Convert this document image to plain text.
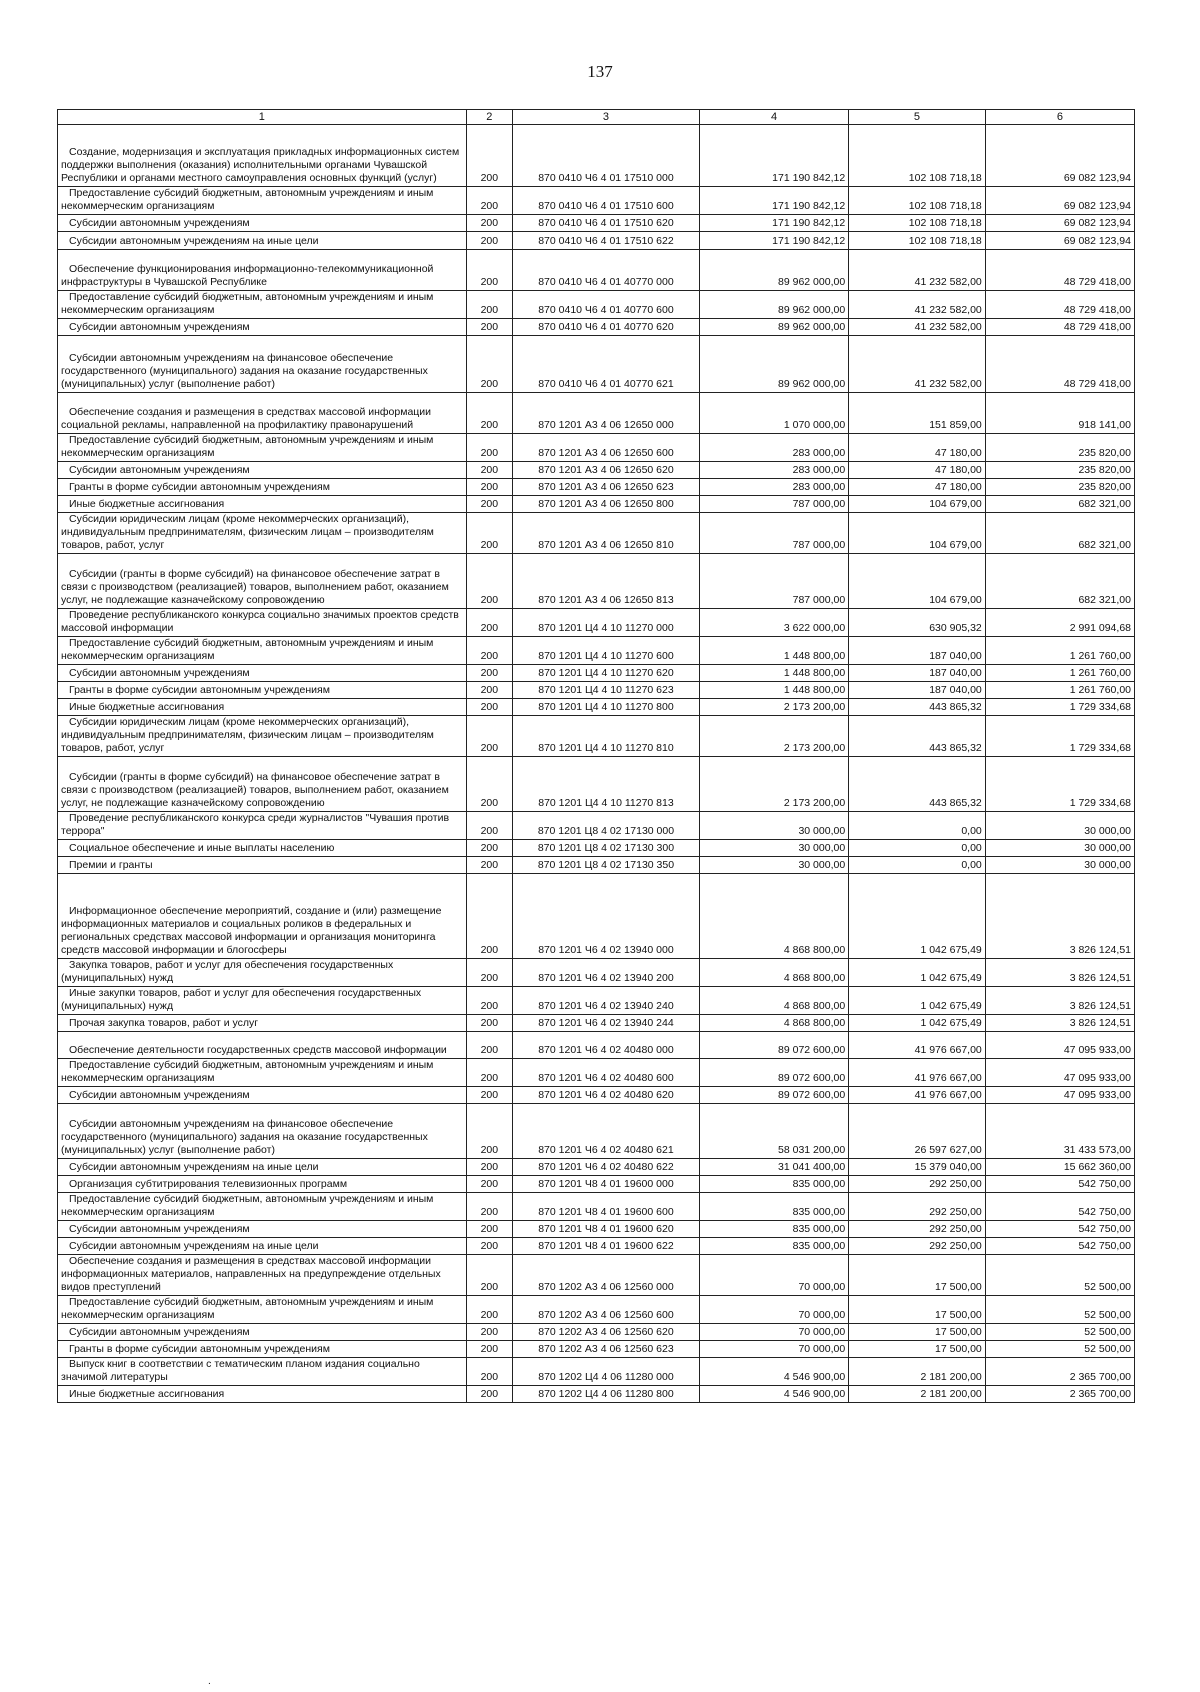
137
1	2	3	4	5	6
Создание, модернизация и эксплуатация прикладных информационных систем поддержки выполнения (оказания) исполнительными органами Чувашской Республики и органами местного самоуправления основных функций (услуг)	200	870 0410 Ч6 4 01 17510 000	171 190 842,12	102 108 718,18	69 082 123,94
Предоставление субсидий бюджетным, автономным учреждениям и иным некоммерческим организациям	200	870 0410 Ч6 4 01 17510 600	171 190 842,12	102 108 718,18	69 082 123,94
Субсидии автономным учреждениям	200	870 0410 Ч6 4 01 17510 620	171 190 842,12	102 108 718,18	69 082 123,94
Субсидии автономным учреждениям на иные цели	200	870 0410 Ч6 4 01 17510 622	171 190 842,12	102 108 718,18	69 082 123,94
Обеспечение функционирования информационно-телекоммуникационной инфраструктуры в Чувашской Республике	200	870 0410 Ч6 4 01 40770 000	89 962 000,00	41 232 582,00	48 729 418,00
Предоставление субсидий бюджетным, автономным учреждениям и иным некоммерческим организациям	200	870 0410 Ч6 4 01 40770 600	89 962 000,00	41 232 582,00	48 729 418,00
Субсидии автономным учреждениям	200	870 0410 Ч6 4 01 40770 620	89 962 000,00	41 232 582,00	48 729 418,00
Субсидии автономным учреждениям на финансовое обеспечение государственного (муниципального) задания на оказание государственных (муниципальных) услуг (выполнение работ)	200	870 0410 Ч6 4 01 40770 621	89 962 000,00	41 232 582,00	48 729 418,00
Обеспечение создания и размещения в средствах массовой информации социальной рекламы, направленной на профилактику правонарушений	200	870 1201 А3 4 06 12650 000	1 070 000,00	151 859,00	918 141,00
Предоставление субсидий бюджетным, автономным учреждениям и иным некоммерческим организациям	200	870 1201 А3 4 06 12650 600	283 000,00	47 180,00	235 820,00
Субсидии автономным учреждениям	200	870 1201 А3 4 06 12650 620	283 000,00	47 180,00	235 820,00
Гранты в форме субсидии автономным учреждениям	200	870 1201 А3 4 06 12650 623	283 000,00	47 180,00	235 820,00
Иные бюджетные ассигнования	200	870 1201 А3 4 06 12650 800	787 000,00	104 679,00	682 321,00
Субсидии юридическим лицам (кроме некоммерческих организаций), индивидуальным предпринимателям, физическим лицам – производителям товаров, работ, услуг	200	870 1201 А3 4 06 12650 810	787 000,00	104 679,00	682 321,00
Субсидии (гранты в форме субсидий) на финансовое обеспечение затрат в связи с производством (реализацией) товаров, выполнением работ, оказанием услуг, не подлежащие казначейскому сопровождению	200	870 1201 А3 4 06 12650 813	787 000,00	104 679,00	682 321,00
Проведение республиканского конкурса социально значимых проектов средств массовой информации	200	870 1201 Ц4 4 10 11270 000	3 622 000,00	630 905,32	2 991 094,68
Предоставление субсидий бюджетным, автономным учреждениям и иным некоммерческим организациям	200	870 1201 Ц4 4 10 11270 600	1 448 800,00	187 040,00	1 261 760,00
Субсидии автономным учреждениям	200	870 1201 Ц4 4 10 11270 620	1 448 800,00	187 040,00	1 261 760,00
Гранты в форме субсидии автономным учреждениям	200	870 1201 Ц4 4 10 11270 623	1 448 800,00	187 040,00	1 261 760,00
Иные бюджетные ассигнования	200	870 1201 Ц4 4 10 11270 800	2 173 200,00	443 865,32	1 729 334,68
Субсидии юридическим лицам (кроме некоммерческих организаций), индивидуальным предпринимателям, физическим лицам – производителям товаров, работ, услуг	200	870 1201 Ц4 4 10 11270 810	2 173 200,00	443 865,32	1 729 334,68
Субсидии (гранты в форме субсидий) на финансовое обеспечение затрат в связи с производством (реализацией) товаров, выполнением работ, оказанием услуг, не подлежащие казначейскому сопровождению	200	870 1201 Ц4 4 10 11270 813	2 173 200,00	443 865,32	1 729 334,68
Проведение республиканского конкурса среди журналистов "Чувашия против террора"	200	870 1201 Ц8 4 02 17130 000	30 000,00	0,00	30 000,00
Социальное обеспечение и иные выплаты населению	200	870 1201 Ц8 4 02 17130 300	30 000,00	0,00	30 000,00
Премии и гранты	200	870 1201 Ц8 4 02 17130 350	30 000,00	0,00	30 000,00
Информационное обеспечение мероприятий, создание и (или) размещение информационных материалов и социальных роликов в федеральных и региональных средствах массовой информации и организация мониторинга средств массовой информации и блогосферы	200	870 1201 Ч6 4 02 13940 000	4 868 800,00	1 042 675,49	3 826 124,51
Закупка товаров, работ и услуг для обеспечения государственных (муниципальных) нужд	200	870 1201 Ч6 4 02 13940 200	4 868 800,00	1 042 675,49	3 826 124,51
Иные закупки товаров, работ и услуг для обеспечения государственных (муниципальных) нужд	200	870 1201 Ч6 4 02 13940 240	4 868 800,00	1 042 675,49	3 826 124,51
Прочая закупка товаров, работ и услуг	200	870 1201 Ч6 4 02 13940 244	4 868 800,00	1 042 675,49	3 826 124,51
Обеспечение деятельности государственных средств массовой информации	200	870 1201 Ч6 4 02 40480 000	89 072 600,00	41 976 667,00	47 095 933,00
Предоставление субсидий бюджетным, автономным учреждениям и иным некоммерческим организациям	200	870 1201 Ч6 4 02 40480 600	89 072 600,00	41 976 667,00	47 095 933,00
Субсидии автономным учреждениям	200	870 1201 Ч6 4 02 40480 620	89 072 600,00	41 976 667,00	47 095 933,00
Субсидии автономным учреждениям на финансовое обеспечение государственного (муниципального) задания на оказание государственных (муниципальных) услуг (выполнение работ)	200	870 1201 Ч6 4 02 40480 621	58 031 200,00	26 597 627,00	31 433 573,00
Субсидии автономным учреждениям на иные цели	200	870 1201 Ч6 4 02 40480 622	31 041 400,00	15 379 040,00	15 662 360,00
Организация субтитрирования телевизионных программ	200	870 1201 Ч8 4 01 19600 000	835 000,00	292 250,00	542 750,00
Предоставление субсидий бюджетным, автономным учреждениям и иным некоммерческим организациям	200	870 1201 Ч8 4 01 19600 600	835 000,00	292 250,00	542 750,00
Субсидии автономным учреждениям	200	870 1201 Ч8 4 01 19600 620	835 000,00	292 250,00	542 750,00
Субсидии автономным учреждениям на иные цели	200	870 1201 Ч8 4 01 19600 622	835 000,00	292 250,00	542 750,00
Обеспечение создания и размещения в средствах массовой информации информационных материалов, направленных на предупреждение отдельных видов преступлений	200	870 1202 А3 4 06 12560 000	70 000,00	17 500,00	52 500,00
Предоставление субсидий бюджетным, автономным учреждениям и иным некоммерческим организациям	200	870 1202 А3 4 06 12560 600	70 000,00	17 500,00	52 500,00
Субсидии автономным учреждениям	200	870 1202 А3 4 06 12560 620	70 000,00	17 500,00	52 500,00
Гранты в форме субсидии автономным учреждениям	200	870 1202 А3 4 06 12560 623	70 000,00	17 500,00	52 500,00
Выпуск книг в соответствии с тематическим планом издания социально значимой литературы	200	870 1202 Ц4 4 06 11280 000	4 546 900,00	2 181 200,00	2 365 700,00
Иные бюджетные ассигнования	200	870 1202 Ц4 4 06 11280 800	4 546 900,00	2 181 200,00	2 365 700,00
.
